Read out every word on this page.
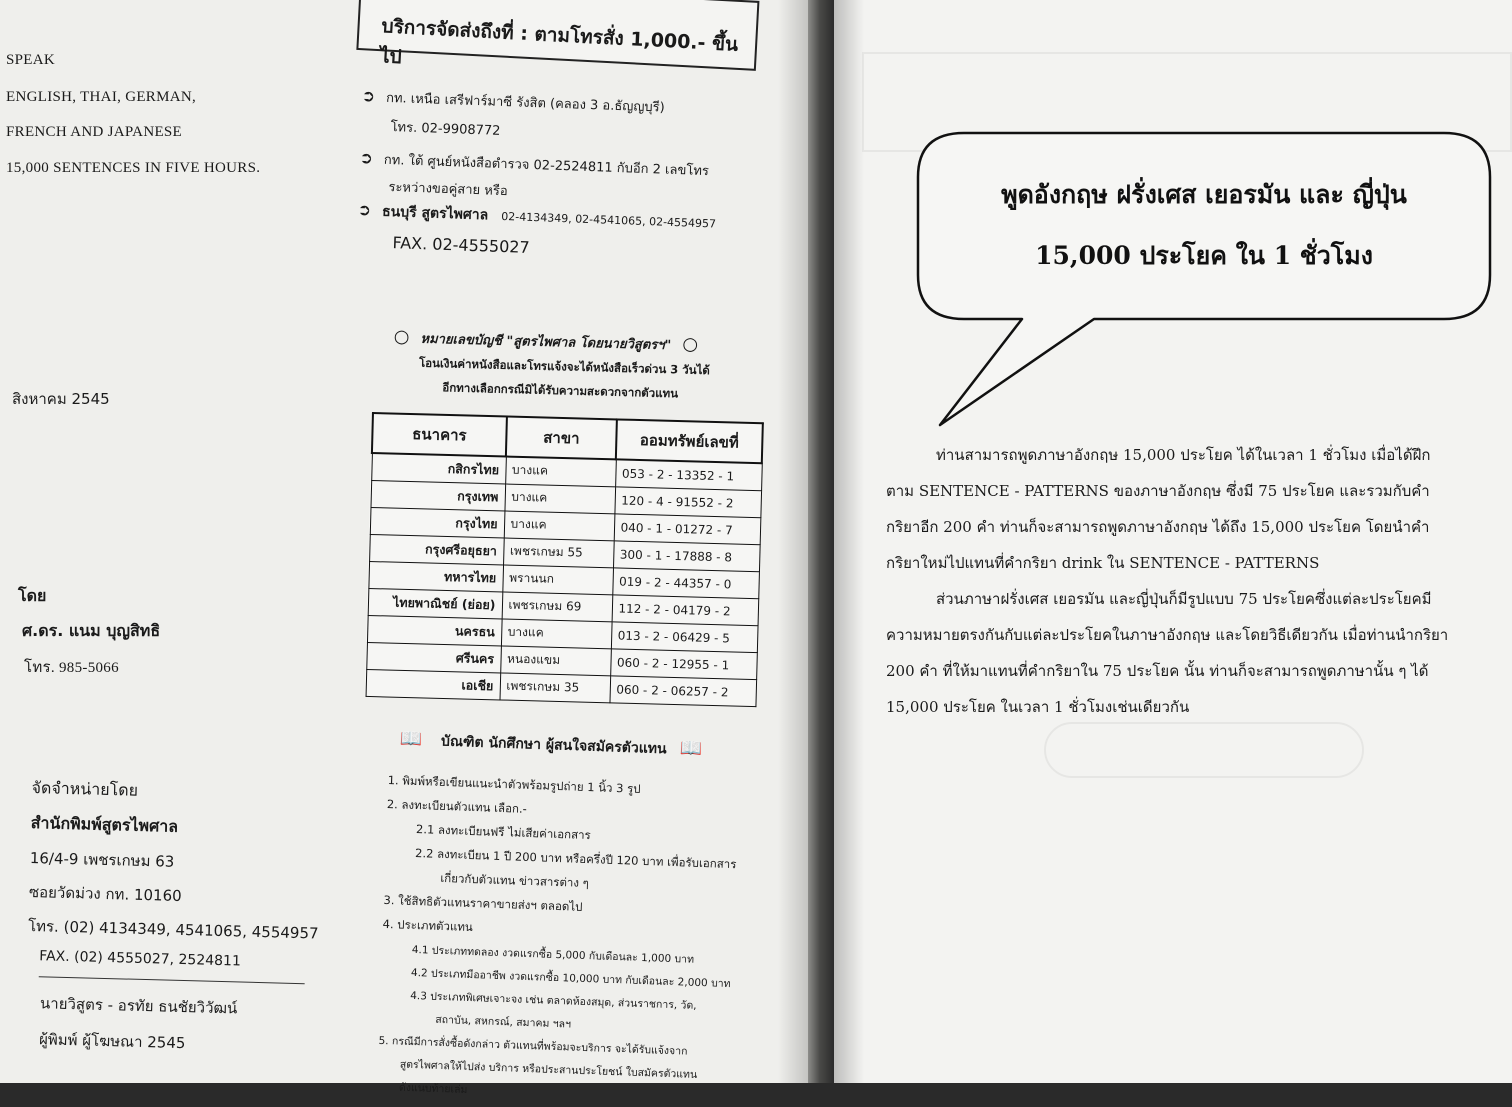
SPEAK
ENGLISH, THAI, GERMAN,
FRENCH AND JAPANESE
15,000 SENTENCES IN FIVE HOURS.
สิงหาคม 2545
โดย
ศ.ดร. แนม บุญสิทธิ
โทร. 985-5066
จัดจำหน่ายโดย
สำนักพิมพ์สูตรไพศาล
16/4-9 เพชรเกษม 63
ซอยวัดม่วง กท. 10160
โทร. (02) 4134349, 4541065, 4554957
FAX. (02) 4555027, 2524811
นายวิสูตร - อรทัย ธนชัยวิวัฒน์
ผู้พิมพ์ ผู้โฆษณา 2545
บริการจัดส่งถึงที่ : ตามโทรสั่ง 1,000.- ขึ้นไป
➲ กท. เหนือ เสรีฟาร์มาซี รังสิต (คลอง 3 อ.ธัญญบุรี)
โทร. 02-9908772
➲ กท. ใต้ ศูนย์หนังสือตำรวจ 02-2524811 กับอีก 2 เลขโทร
ระหว่างขอคู่สาย หรือ
➲ ธนบุรี สูตรไพศาล 02-4134349, 02-4541065, 02-4554957
FAX. 02-4555027
○ หมายเลขบัญชี "สูตรไพศาล โดยนายวิสูตรฯ" ○
โอนเงินค่าหนังสือและโทรแจ้งจะได้หนังสือเร็วด่วน 3 วันได้
อีกทางเลือกกรณีมิได้รับความสะดวกจากตัวแทน
ธนาคาร	สาขา	ออมทรัพย์เลขที่
กสิกรไทย	บางแค	053 - 2 - 13352 - 1
กรุงเทพ	บางแค	120 - 4 - 91552 - 2
กรุงไทย	บางแค	040 - 1 - 01272 - 7
กรุงศรีอยุธยา	เพชรเกษม 55	300 - 1 - 17888 - 8
ทหารไทย	พรานนก	019 - 2 - 44357 - 0
ไทยพาณิชย์ (ย่อย)	เพชรเกษม 69	112 - 2 - 04179 - 2
นครธน	บางแค	013 - 2 - 06429 - 5
ศรีนคร	หนองแขม	060 - 2 - 12955 - 1
เอเชีย	เพชรเกษม 35	060 - 2 - 06257 - 2
📖 บัณฑิต นักศึกษา ผู้สนใจสมัครตัวแทน 📖
1. พิมพ์หรือเขียนแนะนำตัวพร้อมรูปถ่าย 1 นิ้ว 3 รูป
2. ลงทะเบียนตัวแทน เลือก.-
2.1 ลงทะเบียนฟรี ไม่เสียค่าเอกสาร
2.2 ลงทะเบียน 1 ปี 200 บาท หรือครึ่งปี 120 บาท เพื่อรับเอกสาร
เกี่ยวกับตัวแทน ข่าวสารต่าง ๆ
3. ใช้สิทธิตัวแทนราคาขายส่งฯ ตลอดไป
4. ประเภทตัวแทน
4.1 ประเภททดลอง งวดแรกซื้อ 5,000 กับเดือนละ 1,000 บาท
4.2 ประเภทมืออาชีพ งวดแรกซื้อ 10,000 บาท กับเดือนละ 2,000 บาท
4.3 ประเภทพิเศษเจาะจง เช่น ตลาดห้องสมุด, ส่วนราชการ, วัด,
สถาบัน, สหกรณ์, สมาคม ฯลฯ
5. กรณีมีการสั่งซื้อดังกล่าว ตัวแทนที่พร้อมจะบริการ จะได้รับแจ้งจาก
สูตรไพศาลให้ไปส่ง บริการ หรือประสานประโยชน์ ใบสมัครตัวแทน
ดังแนบท้ายเล่ม
พูดอังกฤษ ฝรั่งเศส เยอรมัน และ ญี่ปุ่น
15,000 ประโยค ใน 1 ชั่วโมง
ท่านสามารถพูดภาษาอังกฤษ 15,000 ประโยค ได้ในเวลา 1 ชั่วโมง เมื่อได้ฝึก
ตาม SENTENCE - PATTERNS ของภาษาอังกฤษ ซึ่งมี 75 ประโยค และรวมกับคำ
กริยาอีก 200 คำ ท่านก็จะสามารถพูดภาษาอังกฤษ ได้ถึง 15,000 ประโยค โดยนำคำ
กริยาใหม่ไปแทนที่คำกริยา drink ใน SENTENCE - PATTERNS
ส่วนภาษาฝรั่งเศส เยอรมัน และญี่ปุ่นก็มีรูปแบบ 75 ประโยคซึ่งแต่ละประโยคมี
ความหมายตรงกันกับแต่ละประโยคในภาษาอังกฤษ และโดยวิธีเดียวกัน เมื่อท่านนำกริยา
200 คำ ที่ให้มาแทนที่คำกริยาใน 75 ประโยค นั้น ท่านก็จะสามารถพูดภาษานั้น ๆ ได้
15,000 ประโยค ในเวลา 1 ชั่วโมงเช่นเดียวกัน
